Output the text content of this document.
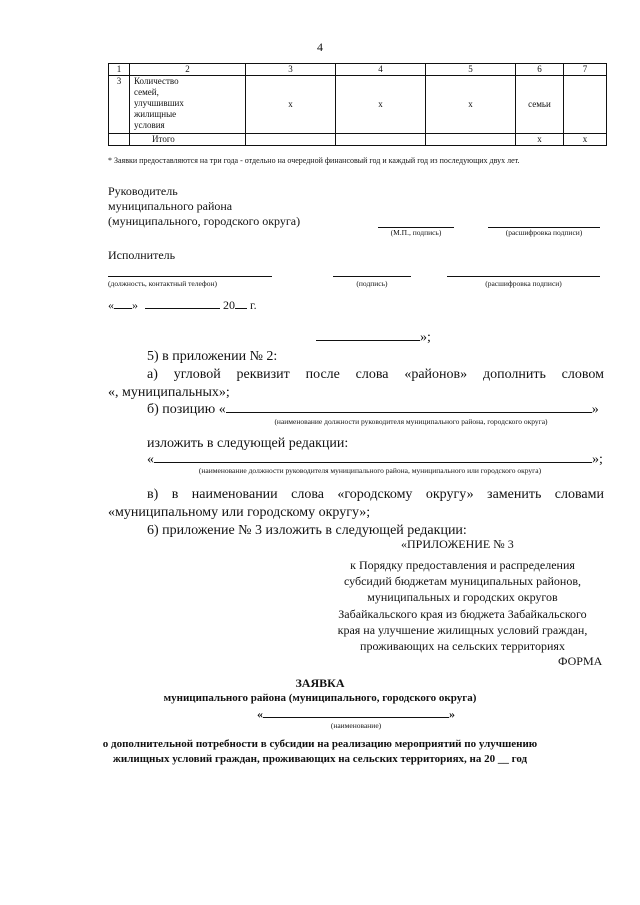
4
1	2	3	4	5	6	7
3	Количество
семей,
улучшивших
жилищные
условия	х	х	х	семьи	
	Итого				х	х
* Заявки предоставляются на три года - отдельно на очередной финансовый год и каждый год из последующих двух лет.
Руководитель
муниципального района
(муниципального, городского округа)
(М.П., подпись)	(расшифровка подписи)
Исполнитель
(должность, контактный телефон)	(подпись)	(расшифровка подписи)
« »	20 г.
»;
5) в приложении № 2:
а) угловой реквизит после слова «районов» дополнить словом
«, муниципальных»;
б) позицию «	»
(наименование должности руководителя муниципального района, городского округа)
изложить в следующей редакции:
«	»;
(наименование должности руководителя муниципального района, муниципального или городского округа)
в) в наименовании слова «городскому округу» заменить словами
«муниципальному или городскому округу»;
6) приложение № 3 изложить в следующей редакции:
«ПРИЛОЖЕНИЕ № 3
к Порядку предоставления и распределения
субсидий бюджетам муниципальных районов,
муниципальных и городских округов
Забайкальского края из бюджета Забайкальского
края на улучшение жилищных условий граждан,
проживающих на сельских территориях
ФОРМА
ЗАЯВКА
муниципального района (муниципального, городского округа)
«	»
(наименование)
о дополнительной потребности в субсидии на реализацию мероприятий по улучшению
жилищных условий граждан, проживающих на сельских территориях, на 20 __ год
